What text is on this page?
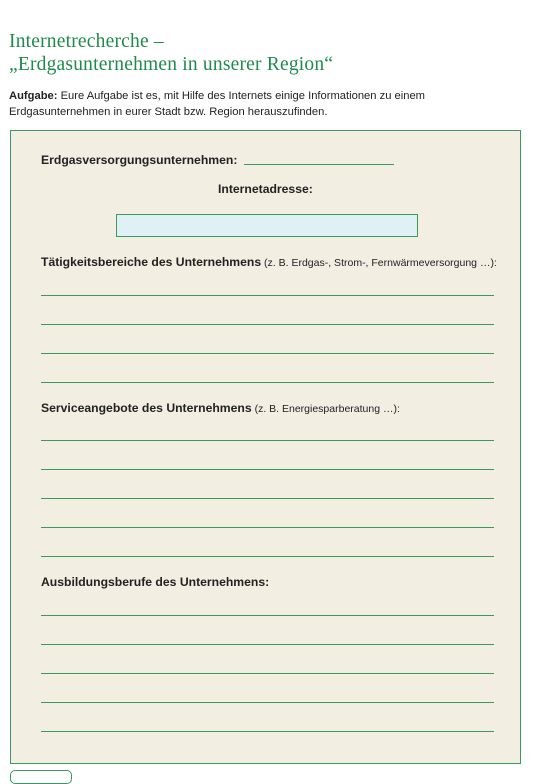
Internetrecherche –
„Erdgasunternehmen in unserer Region“

Aufgabe: Eure Aufgabe ist es, mit Hilfe des Internets einige Informationen zu einem Erdgasunternehmen in eurer Stadt bzw. Region herauszufinden.

Erdgasversorgungsunternehmen:
Internetadresse:
Tätigkeitsbereiche des Unternehmens (z. B. Erdgas-, Strom-, Fernwärmeversorgung …):
Serviceangebote des Unternehmens (z. B. Energiesparberatung …):
Ausbildungsberufe des Unternehmens:
